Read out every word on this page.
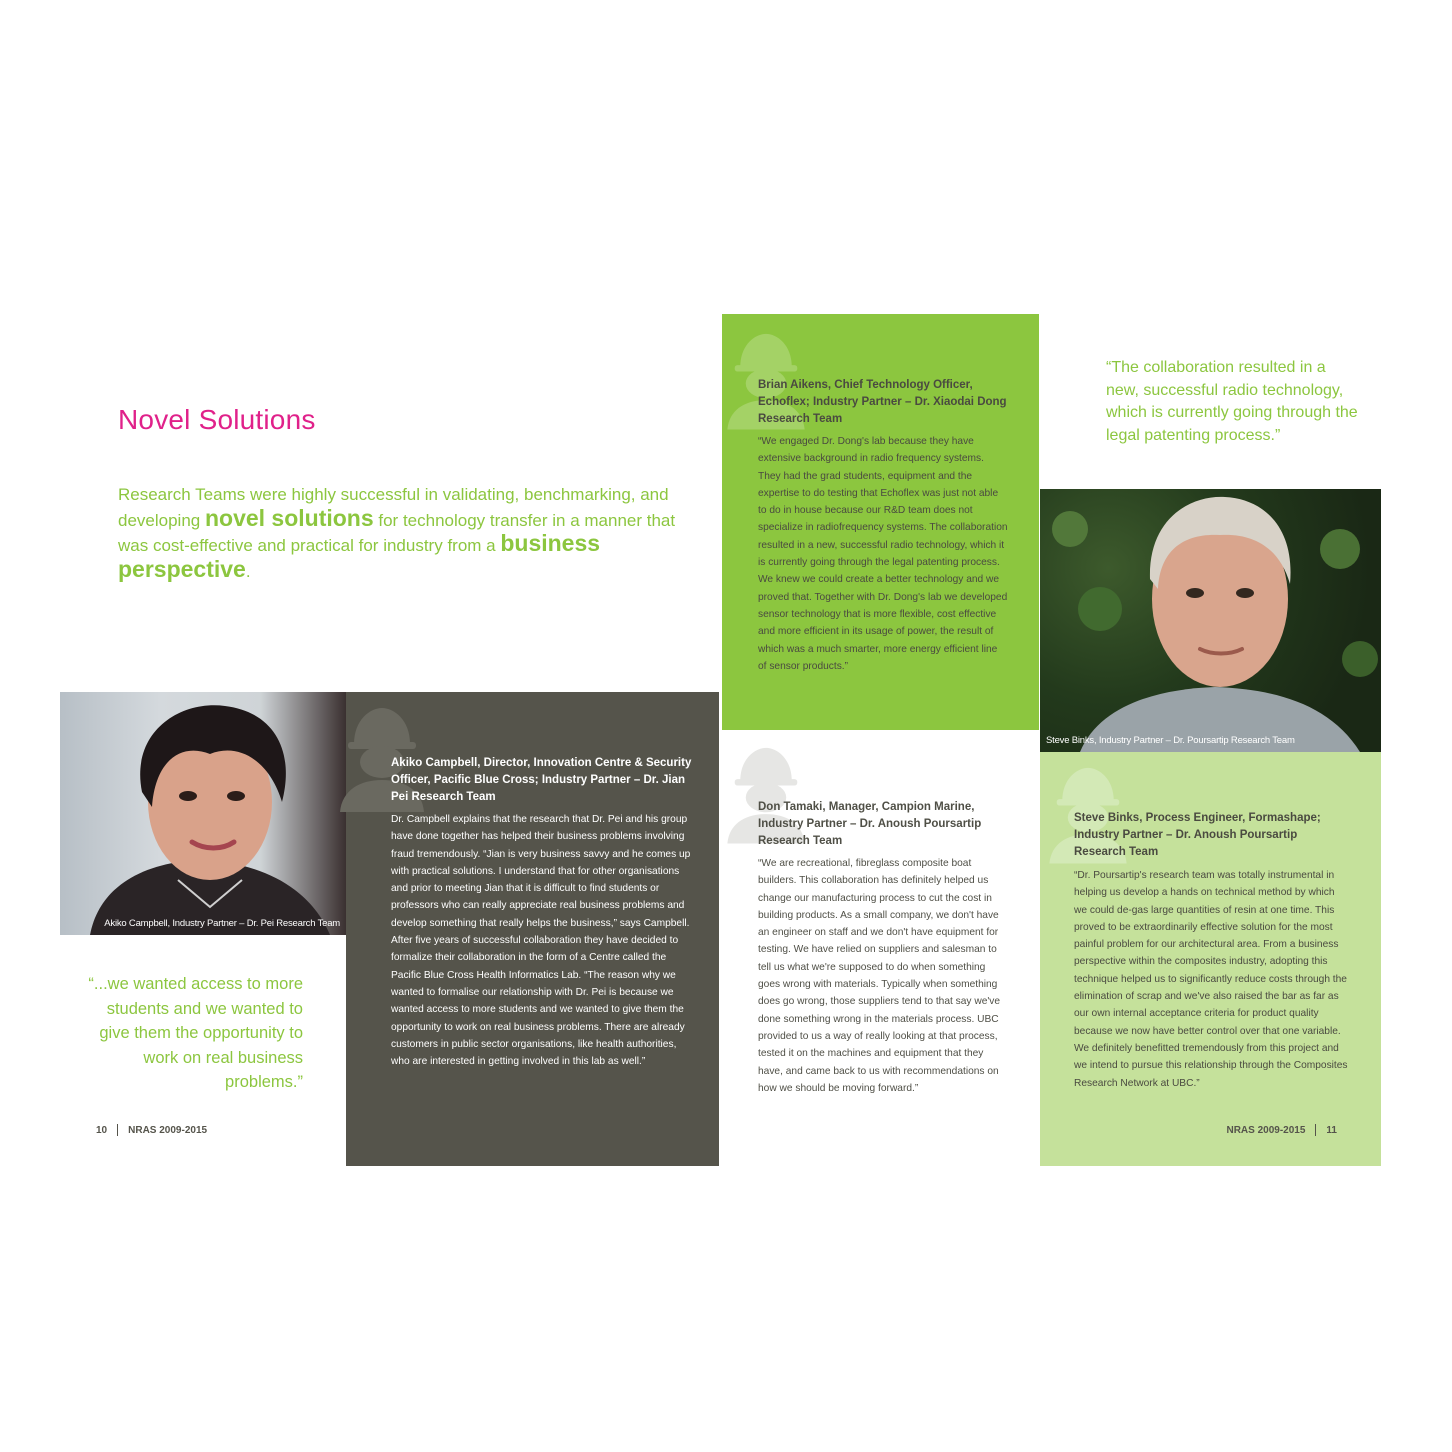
Novel Solutions

Research Teams were highly successful in validating, benchmarking, and developing novel solutions for technology transfer in a manner that was cost-effective and practical for industry from a business perspective.

Akiko Campbell, Industry Partner – Dr. Pei Research Team

“...we wanted access to more students and we wanted to give them the opportunity to work on real business problems.”

10 NRAS 2009-2015

Akiko Campbell, Director, Innovation Centre & Security Officer, Pacific Blue Cross; Industry Partner – Dr. Jian Pei Research Team

Dr. Campbell explains that the research that Dr. Pei and his group have done together has helped their business problems involving fraud tremendously. “Jian is very business savvy and he comes up with practical solutions. I understand that for other organisations and prior to meeting Jian that it is difficult to find students or professors who can really appreciate real business problems and develop something that really helps the business,” says Campbell. After five years of successful collaboration they have decided to formalize their collaboration in the form of a Centre called the Pacific Blue Cross Health Informatics Lab. “The reason why we wanted to formalise our relationship with Dr. Pei is because we wanted access to more students and we wanted to give them the opportunity to work on real business problems. There are already customers in public sector organisations, like health authorities, who are interested in getting involved in this lab as well.”

Brian Aikens, Chief Technology Officer, Echoflex; Industry Partner – Dr. Xiaodai Dong Research Team

“We engaged Dr. Dong's lab because they have extensive background in radio frequency systems. They had the grad students, equipment and the expertise to do testing that Echoflex was just not able to do in house because our R&D team does not specialize in radiofrequency systems. The collaboration resulted in a new, successful radio technology, which it is currently going through the legal patenting process. We knew we could create a better technology and we proved that. Together with Dr. Dong's lab we developed sensor technology that is more flexible, cost effective and more efficient in its usage of power, the result of which was a much smarter, more energy efficient line of sensor products.”

“The collaboration resulted in a new, successful radio technology, which is currently going through the legal patenting process.”

Steve Binks, Industry Partner – Dr. Poursartip Research Team

Don Tamaki, Manager, Campion Marine, Industry Partner – Dr. Anoush Poursartip Research Team

“We are recreational, fibreglass composite boat builders. This collaboration has definitely helped us change our manufacturing process to cut the cost in building products. As a small company, we don't have an engineer on staff and we don't have equipment for testing. We have relied on suppliers and salesman to tell us what we're supposed to do when something goes wrong with materials. Typically when something does go wrong, those suppliers tend to that say we've done something wrong in the materials process. UBC provided to us a way of really looking at that process, tested it on the machines and equipment that they have, and came back to us with recommendations on how we should be moving forward.”

Steve Binks, Process Engineer, Formashape; Industry Partner – Dr. Anoush Poursartip Research Team

“Dr. Poursartip's research team was totally instrumental in helping us develop a hands on technical method by which we could de-gas large quantities of resin at one time. This proved to be extraordinarily effective solution for the most painful problem for our architectural area. From a business perspective within the composites industry, adopting this technique helped us to significantly reduce costs through the elimination of scrap and we've also raised the bar as far as our own internal acceptance criteria for product quality because we now have better control over that one variable. We definitely benefitted tremendously from this project and we intend to pursue this relationship through the Composites Research Network at UBC.”

NRAS 2009-2015 11
